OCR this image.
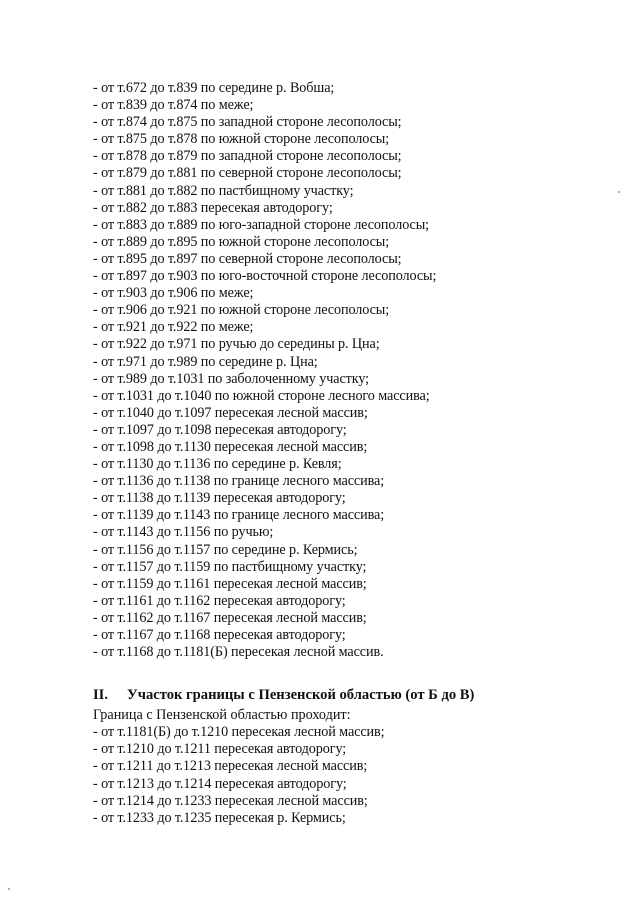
- от т.672 до т.839 по середине р. Вобша;
- от т.839 до т.874 по меже;
- от т.874 до т.875 по западной стороне лесополосы;
- от т.875 до т.878 по южной стороне лесополосы;
- от т.878 до т.879 по западной стороне лесополосы;
- от т.879 до т.881 по северной стороне лесополосы;
- от т.881 до т.882 по пастбищному участку;
- от т.882 до т.883 пересекая автодорогу;
- от т.883 до т.889 по юго-западной стороне лесополосы;
- от т.889 до т.895 по южной стороне лесополосы;
- от т.895 до т.897 по северной стороне лесополосы;
- от т.897 до т.903 по юго-восточной стороне лесополосы;
- от т.903 до т.906 по меже;
- от т.906 до т.921 по южной стороне лесополосы;
- от т.921 до т.922 по меже;
- от т.922 до т.971 по ручью до середины р. Цна;
- от т.971 до т.989 по середине р. Цна;
- от т.989 до т.1031 по заболоченному участку;
- от т.1031 до т.1040 по южной стороне лесного массива;
- от т.1040 до т.1097 пересекая лесной массив;
- от т.1097 до т.1098 пересекая автодорогу;
- от т.1098 до т.1130 пересекая лесной массив;
- от т.1130 до т.1136 по середине р. Кевля;
- от т.1136 до т.1138 по границе лесного массива;
- от т.1138 до т.1139 пересекая автодорогу;
- от т.1139 до т.1143 по границе лесного массива;
- от т.1143 до т.1156 по ручью;
- от т.1156 до т.1157 по середине р. Кермись;
- от т.1157 до т.1159 по пастбищному участку;
- от т.1159 до т.1161 пересекая лесной массив;
- от т.1161 до т.1162 пересекая автодорогу;
- от т.1162 до т.1167 пересекая лесной массив;
- от т.1167 до т.1168 пересекая автодорогу;
- от т.1168 до т.1181(Б) пересекая лесной массив.
II. Участок границы с Пензенской областью (от Б до В)
Граница с Пензенской областью проходит:
- от т.1181(Б) до т.1210 пересекая лесной массив;
- от т.1210 до т.1211 пересекая автодорогу;
- от т.1211 до т.1213 пересекая лесной массив;
- от т.1213 до т.1214 пересекая автодорогу;
- от т.1214 до т.1233 пересекая лесной массив;
- от т.1233 до т.1235 пересекая р. Кермись;
